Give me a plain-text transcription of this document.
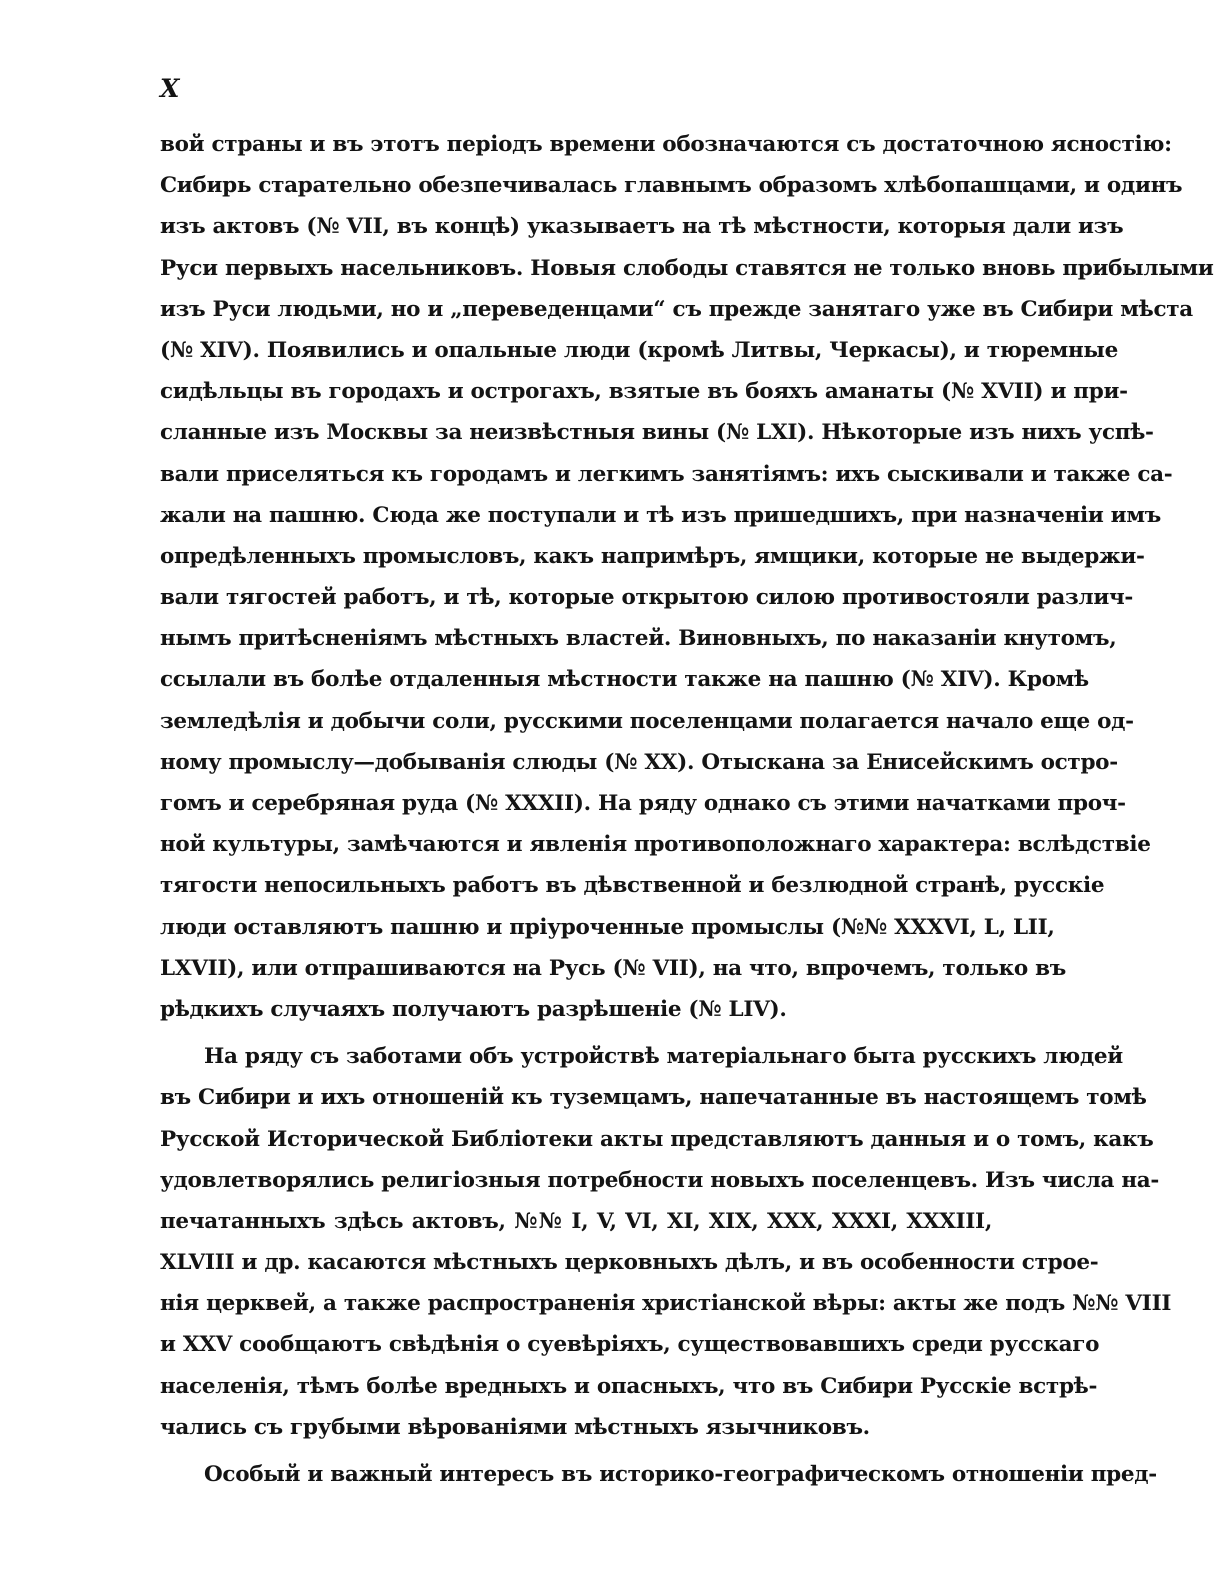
X
вой страны и въ этотъ періодъ времени обозначаются съ достаточною ясностію:
Сибирь старательно обезпечивалась главнымъ образомъ хлѣбопашцами, и одинъ
изъ актовъ (№ VII, въ концѣ) указываетъ на тѣ мѣстности, которыя дали изъ
Руси первыхъ насельниковъ. Новыя слободы ставятся не только вновь прибылыми
изъ Руси людьми, но и „переведенцами“ съ прежде занятаго уже въ Сибири мѣста
(№ XIV). Появились и опальные люди (кромѣ Литвы, Черкасы), и тюремные
сидѣльцы въ городахъ и острогахъ, взятые въ бояхъ аманаты (№ XVII) и при-
сланные изъ Москвы за неизвѣстныя вины (№ LXI). Нѣкоторые изъ нихъ успѣ-
вали приселяться къ городамъ и легкимъ занятіямъ: ихъ сыскивали и также са-
жали на пашню. Сюда же поступали и тѣ изъ пришедшихъ, при назначеніи имъ
опредѣленныхъ промысловъ, какъ напримѣръ, ямщики, которые не выдержи-
вали тягостей работъ, и тѣ, которые открытою силою противостояли различ-
нымъ притѣсненіямъ мѣстныхъ властей. Виновныхъ, по наказаніи кнутомъ,
ссылали въ болѣе отдаленныя мѣстности также на пашню (№ XIV). Кромѣ
земледѣлія и добычи соли, русскими поселенцами полагается начало еще од-
ному промыслу—добыванія слюды (№ XX). Отыскана за Енисейскимъ остро-
гомъ и серебряная руда (№ XXXII). На ряду однако съ этими начатками проч-
ной культуры, замѣчаются и явленія противоположнаго характера: вслѣдствіе
тягости непосильныхъ работъ въ дѣвственной и безлюдной странѣ, русскіе
люди оставляютъ пашню и пріуроченные промыслы (№№ XXXVI, L, LII,
LXVII), или отпрашиваются на Русь (№ VII), на что, впрочемъ, только въ
рѣдкихъ случаяхъ получаютъ разрѣшеніе (№ LIV).
На ряду съ заботами объ устройствѣ матеріальнаго быта русскихъ людей
въ Сибири и ихъ отношеній къ туземцамъ, напечатанные въ настоящемъ томѣ
Русской Исторической Библіотеки акты представляютъ данныя и о томъ, какъ
удовлетворялись религіозныя потребности новыхъ поселенцевъ. Изъ числа на-
печатанныхъ здѣсь актовъ, №№ I, V, VI, XI, XIX, XXX, XXXI, XXXIII,
XLVIII и др. касаются мѣстныхъ церковныхъ дѣлъ, и въ особенности строе-
нія церквей, а также распространенія христіанской вѣры: акты же подъ №№ VIII
и XXV сообщаютъ свѣдѣнія о суевѣріяхъ, существовавшихъ среди русскаго
населенія, тѣмъ болѣе вредныхъ и опасныхъ, что въ Сибири Русскіе встрѣ-
чались съ грубыми вѣрованіями мѣстныхъ язычниковъ.
Особый и важный интересъ въ историко-географическомъ отношеніи пред-
